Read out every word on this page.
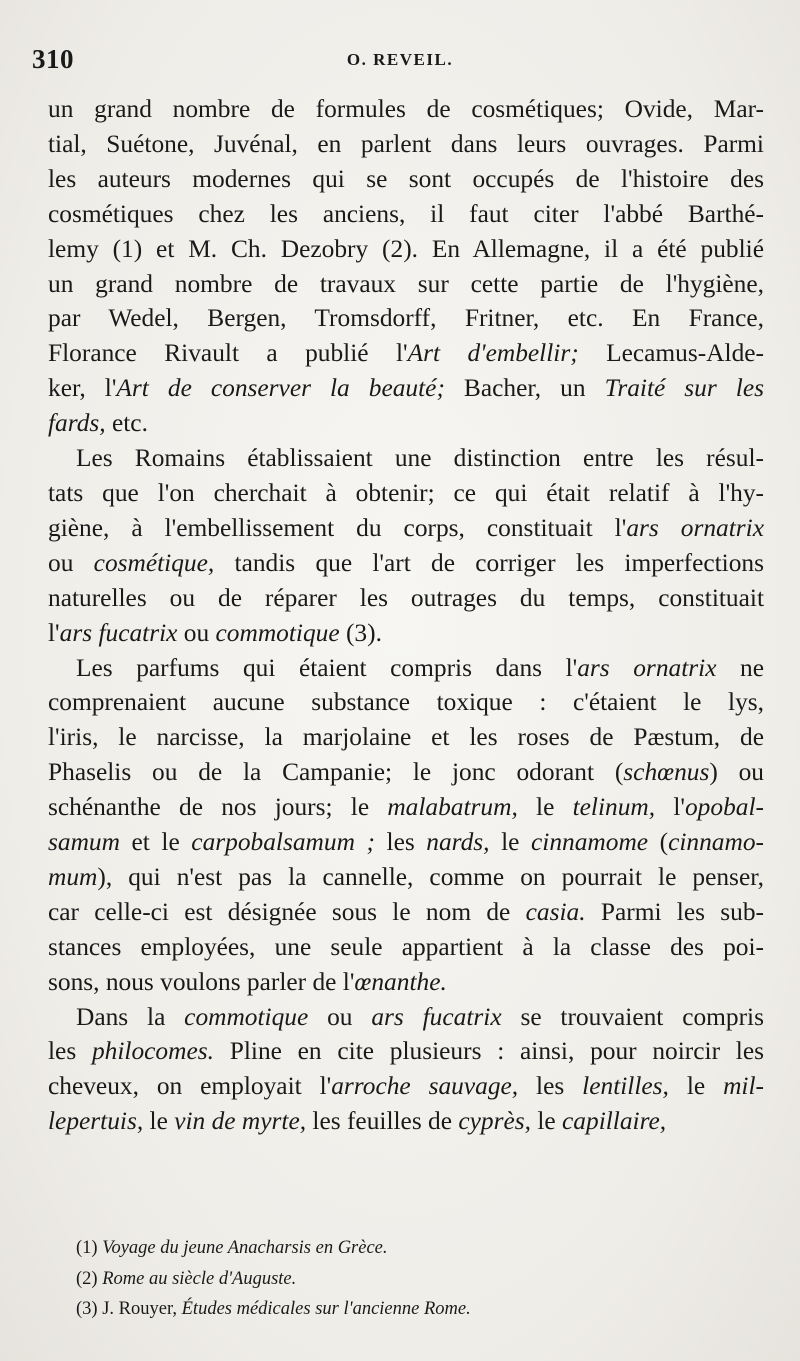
310	O. REVEIL.
un grand nombre de formules de cosmétiques; Ovide, Mar-
tial, Suétone, Juvénal, en parlent dans leurs ouvrages. Parmi
les auteurs modernes qui se sont occupés de l'histoire des
cosmétiques chez les anciens, il faut citer l'abbé Barthé-
lemy (1) et M. Ch. Dezobry (2). En Allemagne, il a été publié
un grand nombre de travaux sur cette partie de l'hygiène,
par Wedel, Bergen, Tromsdorff, Fritner, etc. En France,
Florance Rivault a publié l'Art d'embellir; Lecamus-Alde-
ker, l'Art de conserver la beauté; Bacher, un Traité sur les
fards, etc.
Les Romains établissaient une distinction entre les résul-
tats que l'on cherchait à obtenir; ce qui était relatif à l'hy-
giène, à l'embellissement du corps, constituait l'ars ornatrix
ou cosmétique, tandis que l'art de corriger les imperfections
naturelles ou de réparer les outrages du temps, constituait
l'ars fucatrix ou commotique (3).
Les parfums qui étaient compris dans l'ars ornatrix ne
comprenaient aucune substance toxique : c'étaient le lys,
l'iris, le narcisse, la marjolaine et les roses de Pæstum, de
Phaselis ou de la Campanie; le jonc odorant (schœnus) ou
schénanthe de nos jours; le malabatrum, le telinum, l'opobal-
samum et le carpobalsamum ; les nards, le cinnamome (cinnamo-
mum), qui n'est pas la cannelle, comme on pourrait le penser,
car celle-ci est désignée sous le nom de casia. Parmi les sub-
stances employées, une seule appartient à la classe des poi-
sons, nous voulons parler de l'œnanthe.
Dans la commotique ou ars fucatrix se trouvaient compris
les philocomes. Pline en cite plusieurs : ainsi, pour noircir les
cheveux, on employait l'arroche sauvage, les lentilles, le mil-
lepertuis, le vin de myrte, les feuilles de cyprès, le capillaire,
(1) Voyage du jeune Anacharsis en Grèce.
(2) Rome au siècle d'Auguste.
(3) J. Rouyer, Études médicales sur l'ancienne Rome.
